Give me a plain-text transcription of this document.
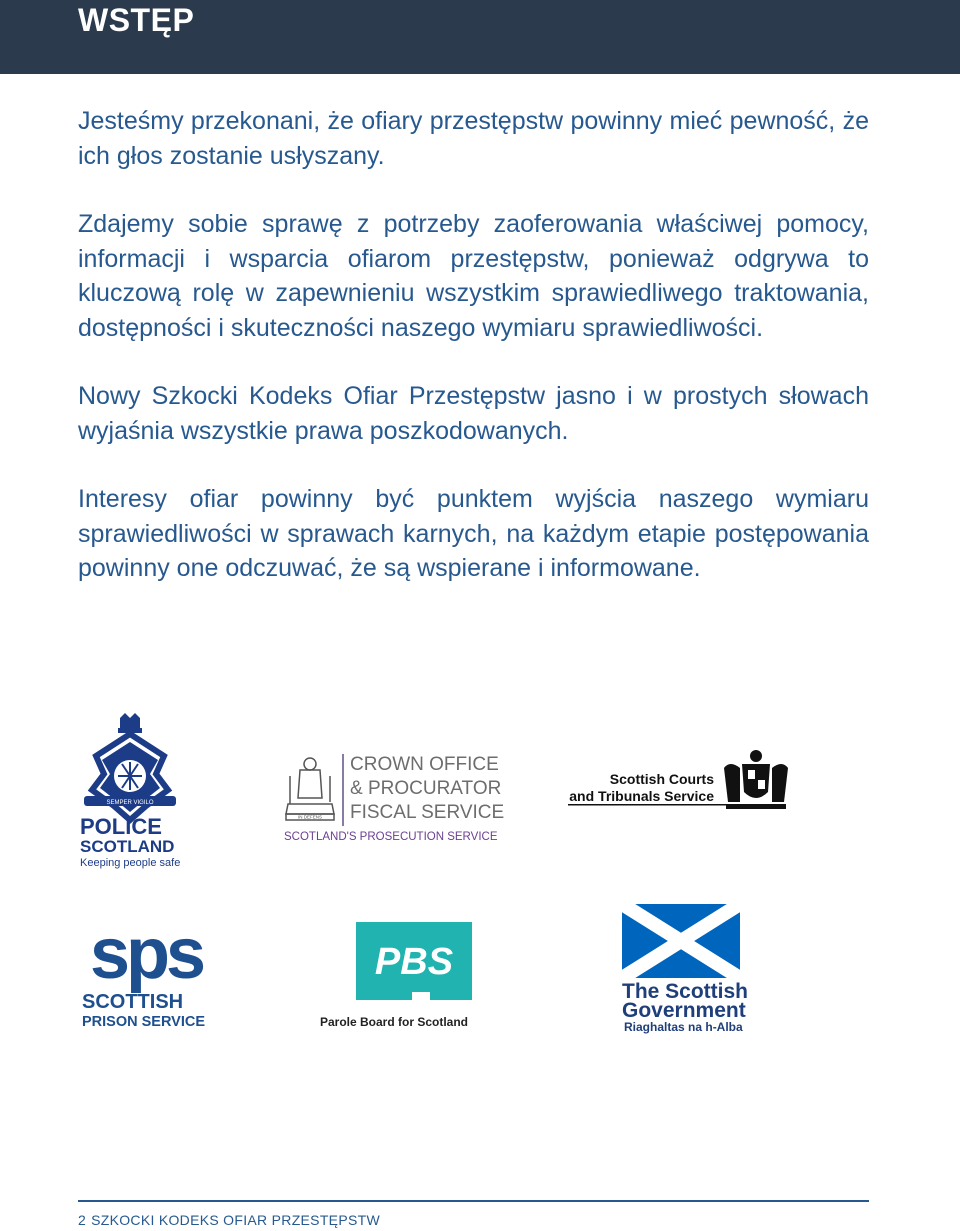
WSTĘP

Jesteśmy przekonani, że ofiary przestępstw powinny mieć pewność, że ich głos zostanie usłyszany.

Zdajemy sobie sprawę z potrzeby zaoferowania właściwej pomocy, informacji i wsparcia ofiarom przestępstw, ponieważ odgrywa to kluczową rolę w zapewnieniu wszystkim sprawiedliwego traktowania, dostępności i skuteczności naszego wymiaru sprawiedliwości.

Nowy Szkocki Kodeks Ofiar Przestępstw jasno i w prostych słowach wyjaśnia wszystkie prawa poszkodowanych.

Interesy ofiar powinny być punktem wyjścia naszego wymiaru sprawiedliwości w sprawach karnych, na każdym etapie postępowania powinny one odczuwać, że są wspierane i informowane.

SEMPER VIGILO
POLICE
SCOTLAND
Keeping people safe
IN DEFENS
CROWN OFFICE
& PROCURATOR
FISCAL SERVICE
SCOTLAND'S PROSECUTION SERVICE
Scottish Courts
and Tribunals Service
sps
SCOTTISH
PRISON SERVICE
PBS
Parole Board for Scotland
The Scottish
Government
Riaghaltas na h-Alba
2 SZKOCKI KODEKS OFIAR PRZESTĘPSTW
